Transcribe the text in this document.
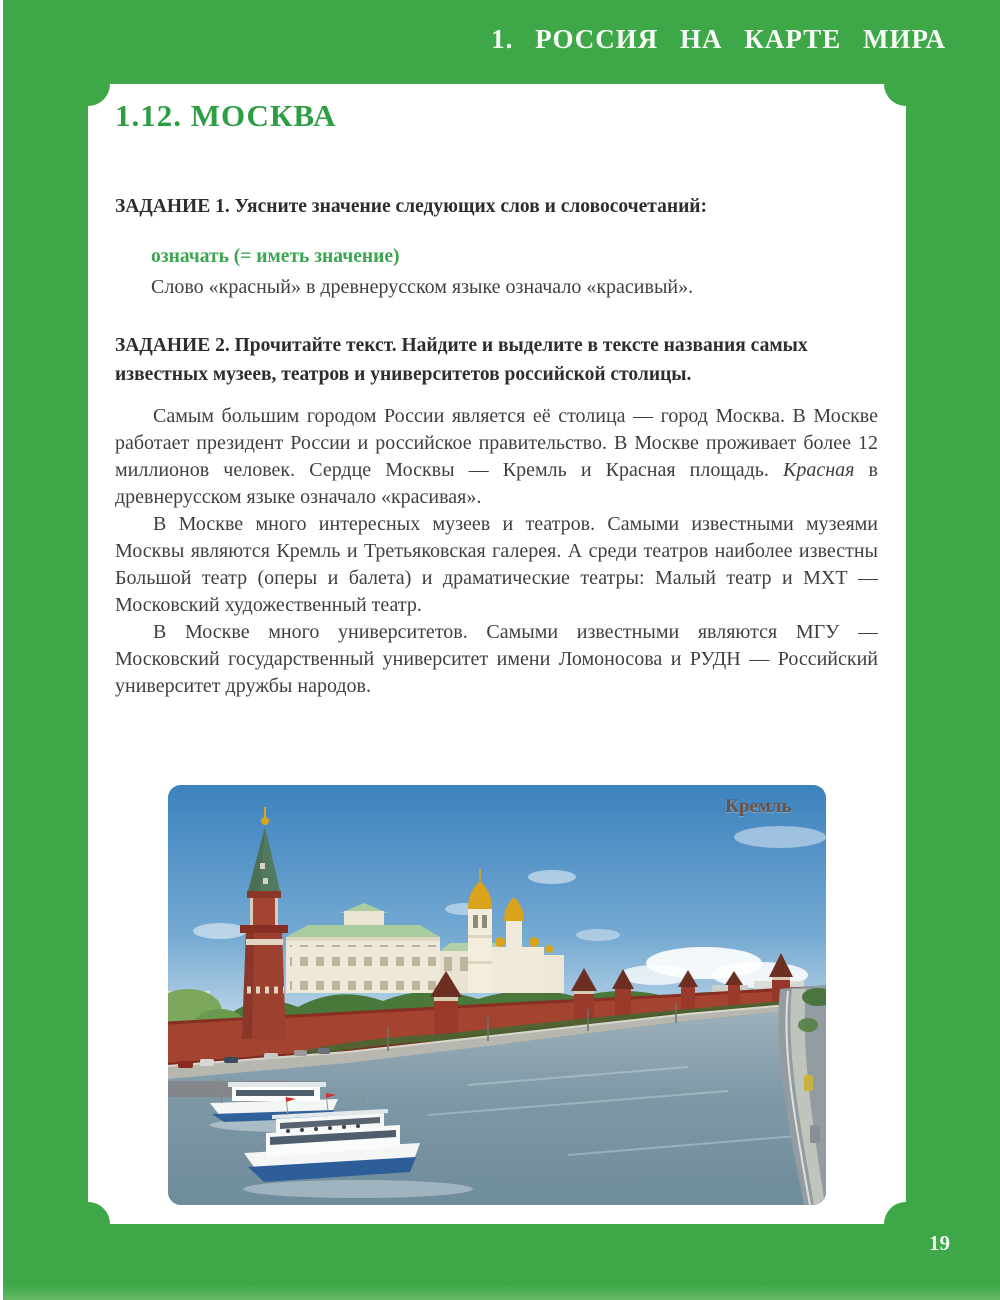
1. РОССИЯ НА КАРТЕ МИРА
1.12. МОСКВА
ЗАДАНИЕ 1. Уясните значение следующих слов и словосочетаний:
означать (= иметь значение)
Слово «красный» в древнерусском языке означало «красивый».
ЗАДАНИЕ 2. Прочитайте текст. Найдите и выделите в тексте названия самых известных музеев, театров и университетов российской столицы.

Самым большим городом России является её столица — город Москва. В Москве работает президент России и российское правительство. В Москве проживает более 12 миллионов человек. Сердце Москвы — Кремль и Красная площадь. Красная в древнерусском языке означало «красивая».

В Москве много интересных музеев и театров. Самыми известными музеями Москвы являются Кремль и Третьяковская галерея. А среди театров наиболее известны Большой театр (оперы и балета) и драматические театры: Малый театр и МХТ — Московский художественный театр.

В Москве много университетов. Самыми известными являются МГУ — Московский государственный университет имени Ломоносова и РУДН — Российский университет дружбы народов.

Кремль
19
